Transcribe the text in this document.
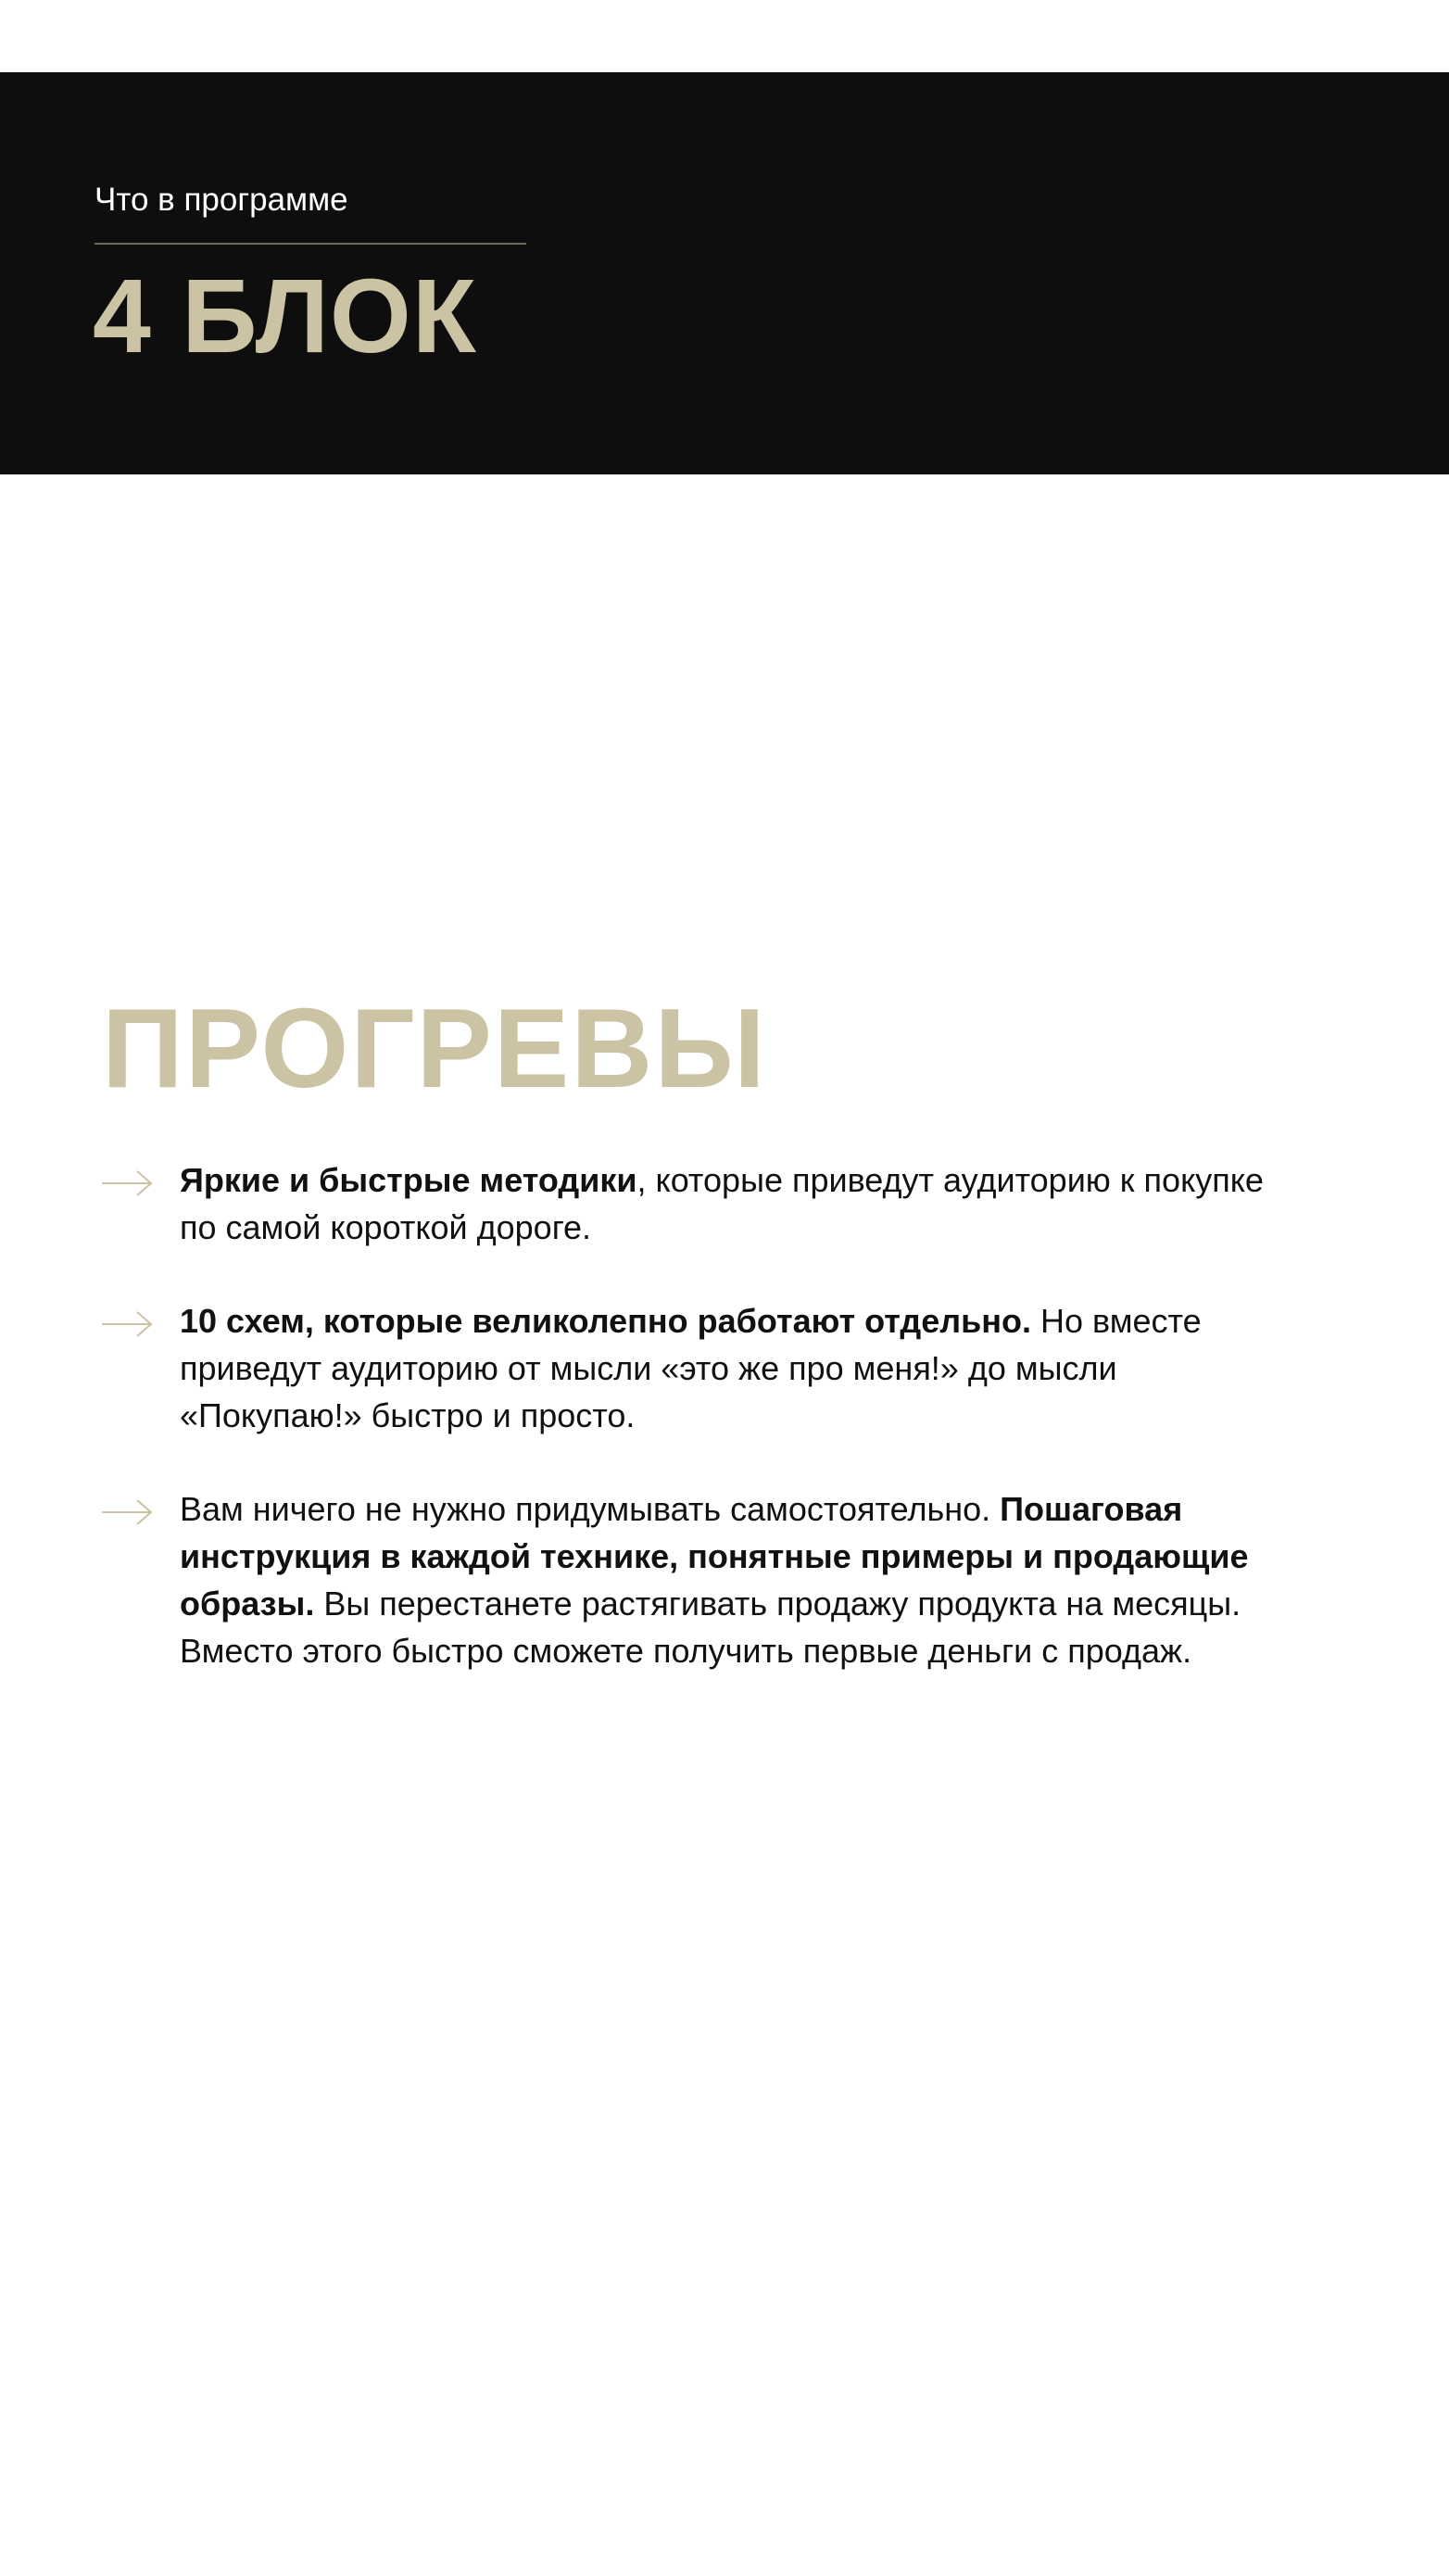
Что в программе
4 БЛОК
ПРОГРЕВЫ
Яркие и быстрые методики, которые приведут аудиторию к покупке
по самой короткой дороге.
10 схем, которые великолепно работают отдельно. Но вместе
приведут аудиторию от мысли «это же про меня!» до мысли
«Покупаю!» быстро и просто.
Вам ничего не нужно придумывать самостоятельно. Пошаговая
инструкция в каждой технике, понятные примеры и продающие
образы. Вы перестанете растягивать продажу продукта на месяцы.
Вместо этого быстро сможете получить первые деньги с продаж.
